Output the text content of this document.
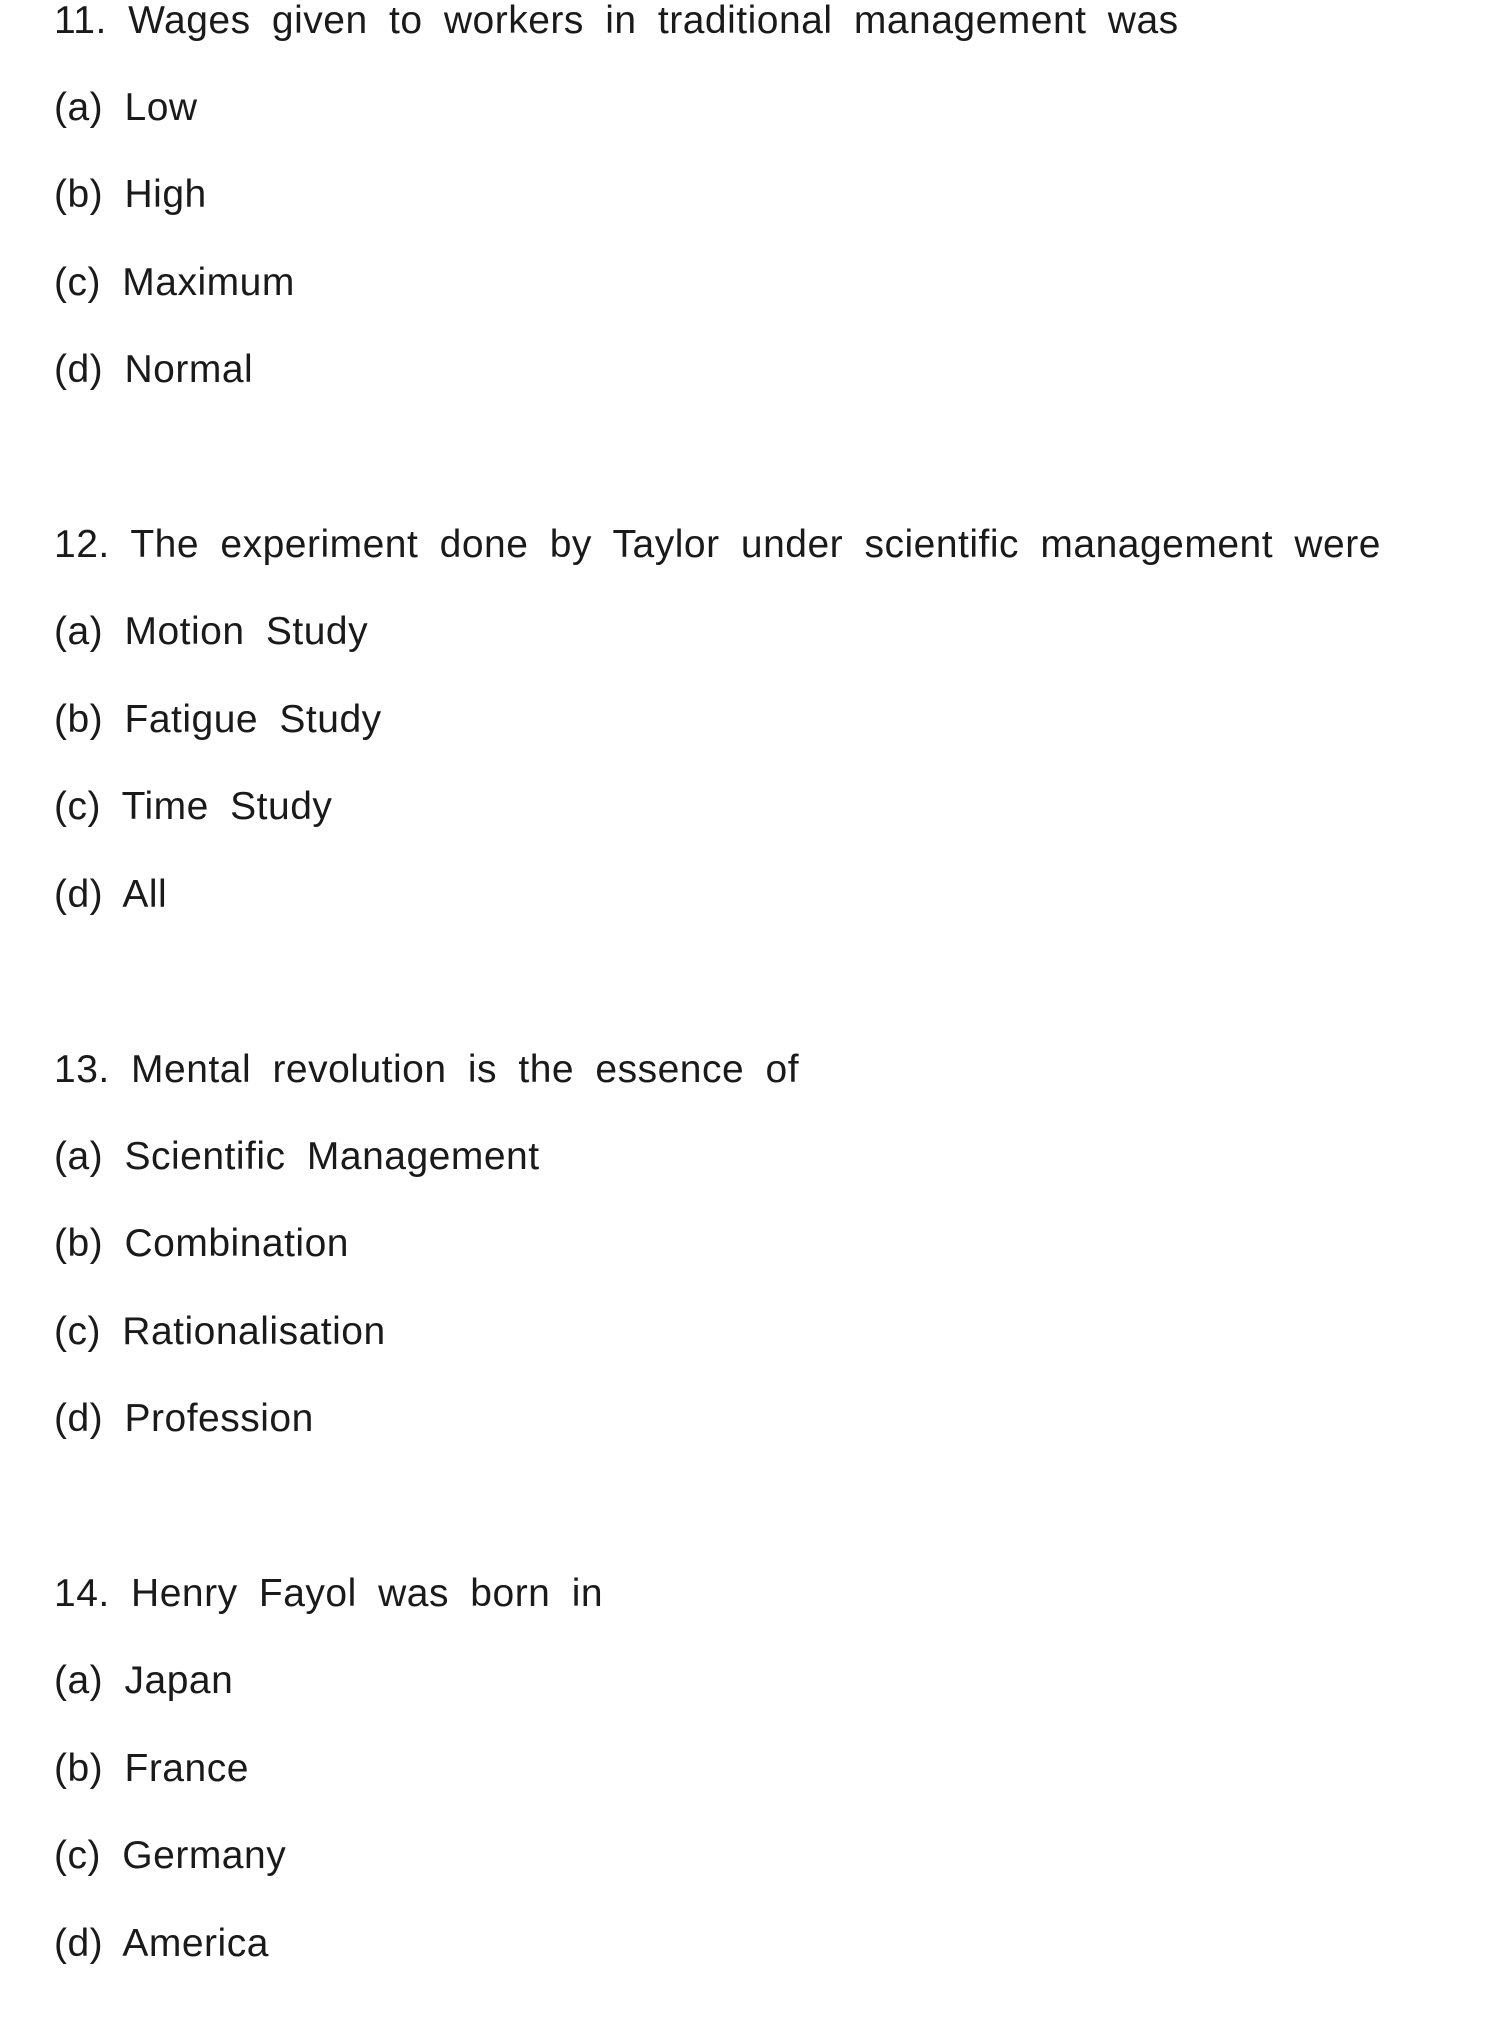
11. Wages given to workers in traditional management was

(a) Low

(b) High

(c) Maximum

(d) Normal

12. The experiment done by Taylor under scientific management were

(a) Motion Study

(b) Fatigue Study

(c) Time Study

(d) All

13. Mental revolution is the essence of

(a) Scientific Management

(b) Combination

(c) Rationalisation

(d) Profession

14. Henry Fayol was born in

(a) Japan

(b) France

(c) Germany

(d) America
